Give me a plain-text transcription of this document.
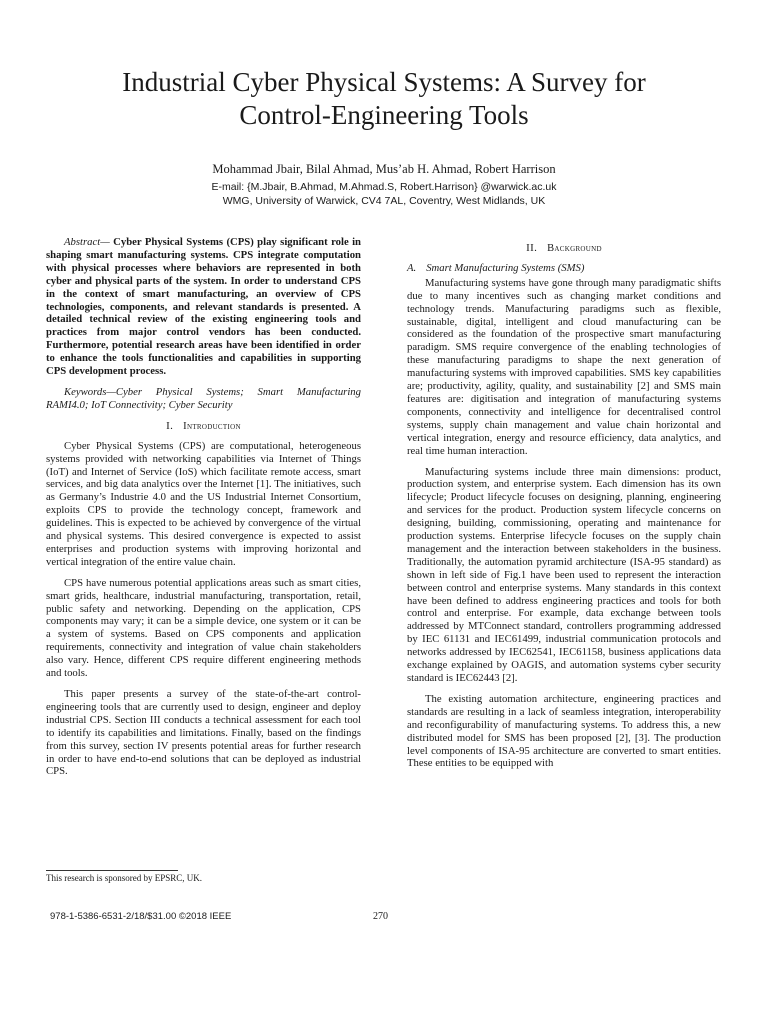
Industrial Cyber Physical Systems: A Survey for
Control-Engineering Tools
Mohammad Jbair, Bilal Ahmad, Mus’ab H. Ahmad, Robert Harrison
E-mail: {M.Jbair, B.Ahmad, M.Ahmad.S, Robert.Harrison} @warwick.ac.uk
WMG, University of Warwick, CV4 7AL, Coventry, West Midlands, UK

Abstract— Cyber Physical Systems (CPS) play significant role in shaping smart manufacturing systems. CPS integrate computation with physical processes where behaviors are represented in both cyber and physical parts of the system. In order to understand CPS in the context of smart manufacturing, an overview of CPS technologies, components, and relevant standards is presented. A detailed technical review of the existing engineering tools and practices from major control vendors has been conducted. Furthermore, potential research areas have been identified in order to enhance the tools functionalities and capabilities in supporting CPS development process.

Keywords—Cyber Physical Systems; Smart Manufacturing RAMI4.0; IoT Connectivity; Cyber Security

I. Introduction

Cyber Physical Systems (CPS) are computational, heterogeneous systems provided with networking capabilities via Internet of Things (IoT) and Internet of Service (IoS) which facilitate remote access, smart services, and big data analytics over the Internet [1]. The initiatives, such as Germany’s Industrie 4.0 and the US Industrial Internet Consortium, exploits CPS to provide the technology concept, framework and guidelines. This is expected to be achieved by convergence of the virtual and physical systems. This desired convergence is expected to assist enterprises and production systems with improving horizontal and vertical integration of the entire value chain.

CPS have numerous potential applications areas such as smart cities, smart grids, healthcare, industrial manufacturing, transportation, retail, public safety and networking. Depending on the application, CPS components may vary; it can be a simple device, one system or it can be a system of systems. Based on CPS components and application requirements, connectivity and integration of value chain stakeholders also vary. Hence, different CPS require different engineering methods and tools.

This paper presents a survey of the state-of-the-art control-engineering tools that are currently used to design, engineer and deploy industrial CPS. Section III conducts a technical assessment for each tool to identify its capabilities and limitations. Finally, based on the findings from this survey, section IV presents potential areas for further research in order to have end-to-end solutions that can be deployed as industrial CPS.

II. Background
A. Smart Manufacturing Systems (SMS)

Manufacturing systems have gone through many paradigmatic shifts due to many incentives such as changing market conditions and technology trends. Manufacturing paradigms such as flexible, sustainable, digital, intelligent and cloud manufacturing can be considered as the foundation of the prospective smart manufacturing paradigm. SMS require convergence of the enabling technologies of these manufacturing paradigms to shape the next generation of manufacturing systems with improved capabilities. SMS key capabilities are; productivity, agility, quality, and sustainability [2] and SMS main features are: digitisation and integration of manufacturing systems components, connectivity and intelligence for decentralised control systems, supply chain management and value chain horizontal and vertical integration, energy and resource efficiency, data analytics, and real time human interaction.

Manufacturing systems include three main dimensions: product, production system, and enterprise system. Each dimension has its own lifecycle; Product lifecycle focuses on designing, planning, engineering and services for the product. Production system lifecycle concerns on designing, building, commissioning, operating and maintenance for production systems. Enterprise lifecycle focuses on the supply chain management and the interaction between stakeholders in the business. Traditionally, the automation pyramid architecture (ISA-95 standard) as shown in left side of Fig.1 have been used to represent the interaction between control and enterprise systems. Many standards in this context have been defined to address engineering practices and tools for both control and enterprise. For example, data exchange between tools addressed by MTConnect standard, controllers programming addressed by IEC 61131 and IEC61499, industrial communication protocols and networks addressed by IEC62541, IEC61158, business applications data exchange explained by OAGIS, and automation systems cyber security standard is IEC62443 [2].

The existing automation architecture, engineering practices and standards are resulting in a lack of seamless integration, interoperability and reconfigurability of manufacturing systems. To address this, a new distributed model for SMS has been proposed [2], [3]. The production level components of ISA-95 architecture are converted to smart entities. These entities to be equipped with

This research is sponsored by EPSRC, UK.
978-1-5386-6531-2/18/$31.00 ©2018 IEEE	270
